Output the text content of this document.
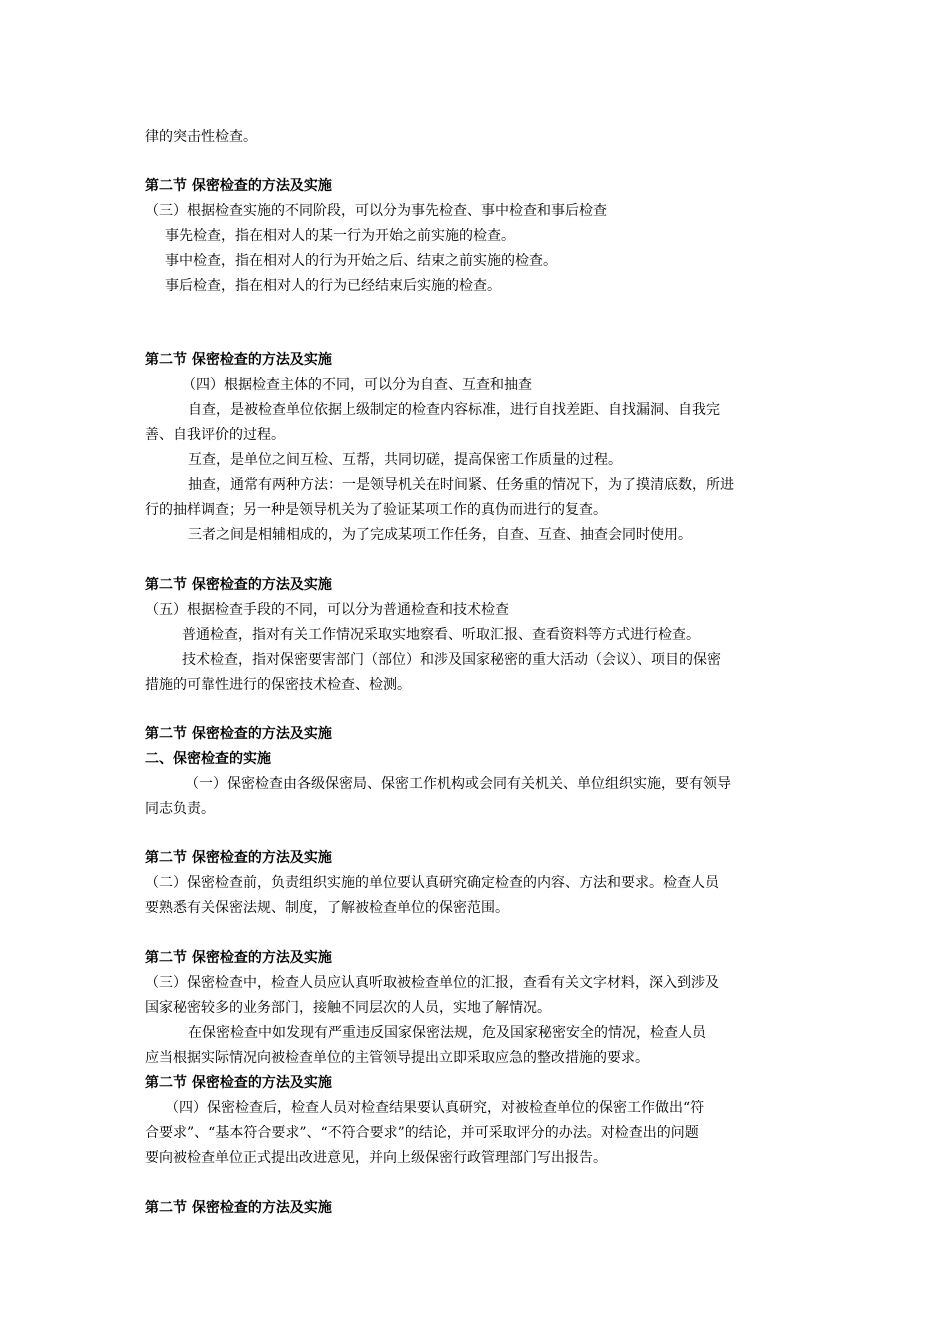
律的突击性检查。
第二节 保密检查的方法及实施
（三）根据检查实施的不同阶段，可以分为事先检查、事中检查和事后检查
事先检查，指在相对人的某一行为开始之前实施的检查。
事中检查，指在相对人的行为开始之后、结束之前实施的检查。
事后检查，指在相对人的行为已经结束后实施的检查。
第二节 保密检查的方法及实施
（四）根据检查主体的不同，可以分为自查、互查和抽查
自查，是被检查单位依据上级制定的检查内容标准，进行自找差距、自找漏洞、自我完
善、自我评价的过程。
互查，是单位之间互检、互帮，共同切磋，提高保密工作质量的过程。
抽查，通常有两种方法：一是领导机关在时间紧、任务重的情况下，为了摸清底数，所进
行的抽样调查；另一种是领导机关为了验证某项工作的真伪而进行的复查。
三者之间是相辅相成的，为了完成某项工作任务，自查、互查、抽查会同时使用。
第二节 保密检查的方法及实施
（五）根据检查手段的不同，可以分为普通检查和技术检查
普通检查，指对有关工作情况采取实地察看、听取汇报、查看资料等方式进行检查。
技术检查，指对保密要害部门（部位）和涉及国家秘密的重大活动（会议）、项目的保密
措施的可靠性进行的保密技术检查、检测。
第二节 保密检查的方法及实施
二、保密检查的实施
（一）保密检查由各级保密局、保密工作机构或会同有关机关、单位组织实施，要有领导
同志负责。
第二节 保密检查的方法及实施
（二）保密检查前，负责组织实施的单位要认真研究确定检查的内容、方法和要求。检查人员
要熟悉有关保密法规、制度，了解被检查单位的保密范围。
第二节 保密检查的方法及实施
（三）保密检查中，检查人员应认真听取被检查单位的汇报，查看有关文字材料，深入到涉及
国家秘密较多的业务部门，接触不同层次的人员，实地了解情况。
在保密检查中如发现有严重违反国家保密法规，危及国家秘密安全的情况，检查人员
应当根据实际情况向被检查单位的主管领导提出立即采取应急的整改措施的要求。
第二节 保密检查的方法及实施
（四）保密检查后，检查人员对检查结果要认真研究，对被检查单位的保密工作做出“符
合要求”、“基本符合要求”、“不符合要求”的结论，并可采取评分的办法。对检查出的问题
要向被检查单位正式提出改进意见，并向上级保密行政管理部门写出报告。
第二节 保密检查的方法及实施
